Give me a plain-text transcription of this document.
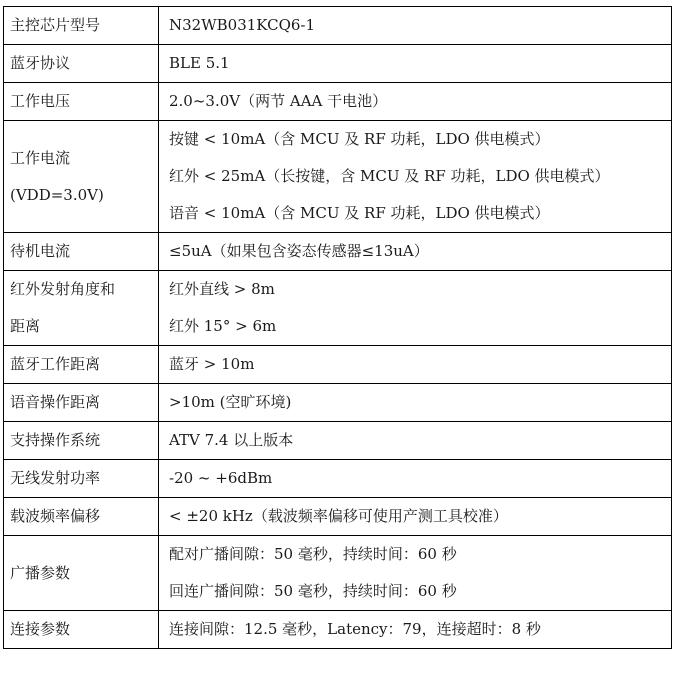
主控芯片型号	N32WB031KCQ6-1

蓝牙协议	BLE 5.1

工作电压	2.0~3.0V（两节 AAA 干电池）

工作电流
(VDD=3.0V)	按键 < 10mA（含 MCU 及 RF 功耗，LDO 供电模式）
红外 < 25mA（长按键，含 MCU 及 RF 功耗，LDO 供电模式）
语音 < 10mA（含 MCU 及 RF 功耗，LDO 供电模式）

待机电流	≤5uA（如果包含姿态传感器≤13uA）

红外发射角度和
距离	红外直线 > 8m
红外 15° > 6m

蓝牙工作距离	蓝牙 > 10m

语音操作距离	>10m (空旷环境)

支持操作系统	ATV 7.4 以上版本

无线发射功率	-20 ~ +6dBm

载波频率偏移	< ±20 kHz（载波频率偏移可使用产测工具校准）

广播参数	配对广播间隙：50 毫秒，持续时间：60 秒
回连广播间隙：50 毫秒，持续时间：60 秒

连接参数	连接间隙：12.5 毫秒，Latency：79，连接超时：8 秒
